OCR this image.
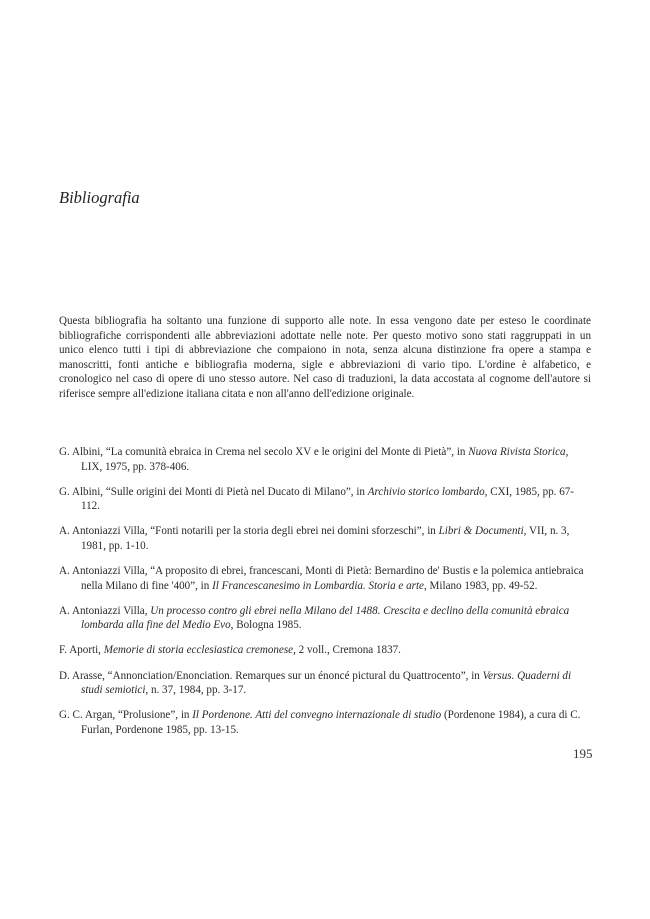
Bibliografia

Questa bibliografia ha soltanto una funzione di supporto alle note. In essa vengono date per esteso le coordinate bibliografiche corrispondenti alle abbreviazioni adottate nelle note. Per questo motivo sono stati raggruppati in un unico elenco tutti i tipi di abbreviazione che compaiono in nota, senza alcuna distinzione fra opere a stampa e manoscritti, fonti antiche e bibliografia moderna, sigle e abbreviazioni di vario tipo. L'ordine è alfabetico, e cronologico nel caso di opere di uno stesso autore. Nel caso di traduzioni, la data accostata al cognome dell'autore si riferisce sempre all'edizione italiana citata e non all'anno dell'edizione originale.

G. Albini, “La comunità ebraica in Crema nel secolo XV e le origini del Monte di Pietà”, in Nuova Rivista Storica, LIX, 1975, pp. 378-406.
G. Albini, “Sulle origini dei Monti di Pietà nel Ducato di Milano”, in Archivio storico lombardo, CXI, 1985, pp. 67-112.
A. Antoniazzi Villa, “Fonti notarili per la storia degli ebrei nei domini sforzeschi”, in Libri & Documenti, VII, n. 3, 1981, pp. 1-10.
A. Antoniazzi Villa, “A proposito di ebrei, francescani, Monti di Pietà: Bernardino de' Bustis e la polemica antiebraica nella Milano di fine '400”, in Il Francescanesimo in Lombardia. Storia e arte, Milano 1983, pp. 49-52.
A. Antoniazzi Villa, Un processo contro gli ebrei nella Milano del 1488. Crescita e declino della comunità ebraica lombarda alla fine del Medio Evo, Bologna 1985.
F. Aporti, Memorie di storia ecclesiastica cremonese, 2 voll., Cremona 1837.
D. Arasse, “Annonciation/Enonciation. Remarques sur un énoncé pictural du Quattrocento”, in Versus. Quaderni di studi semiotici, n. 37, 1984, pp. 3-17.
G. C. Argan, “Prolusione”, in Il Pordenone. Atti del convegno internazionale di studio (Pordenone 1984), a cura di C. Furlan, Pordenone 1985, pp. 13-15.
195
